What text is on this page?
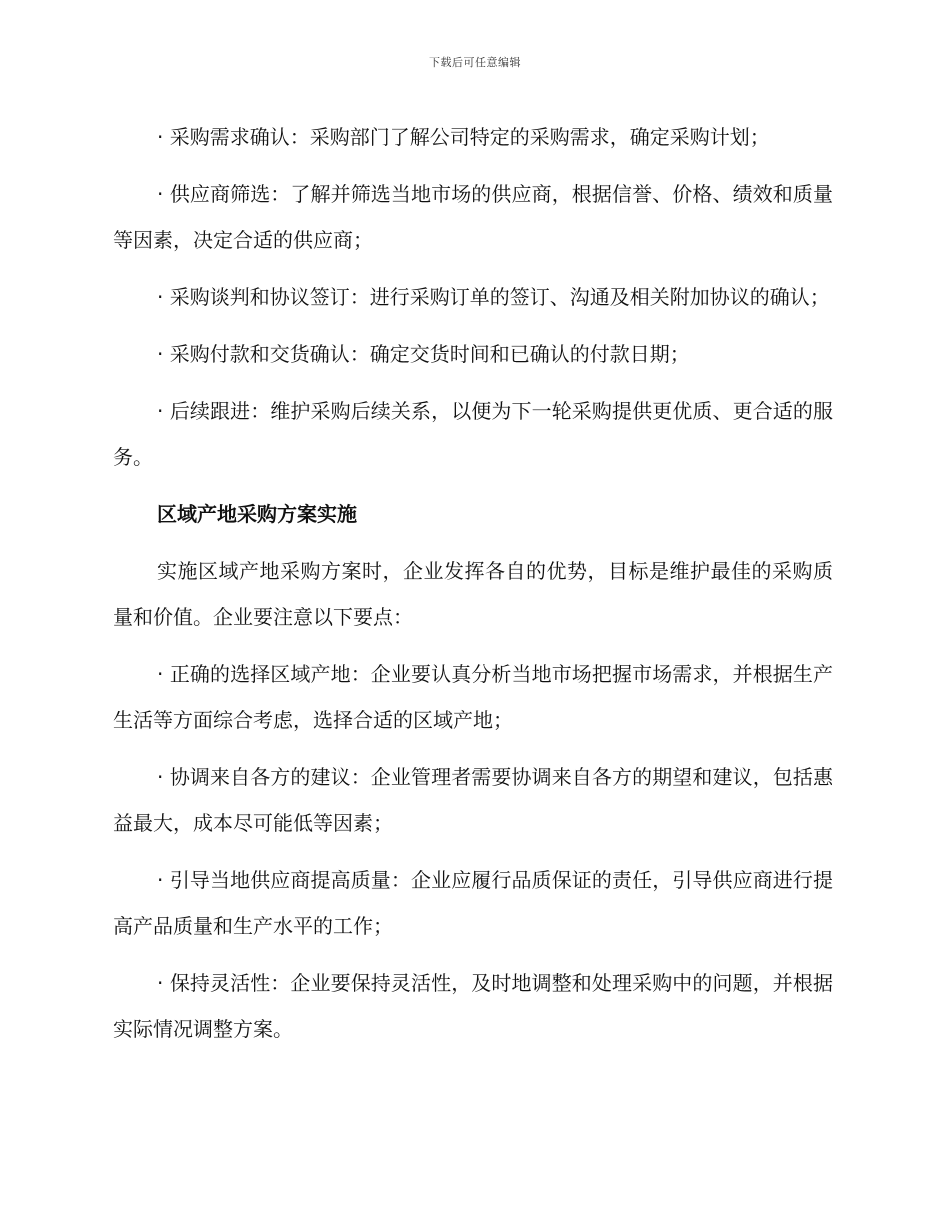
下载后可任意编辑

· 采购需求确认：采购部门了解公司特定的采购需求，确定采购计划；

· 供应商筛选：了解并筛选当地市场的供应商，根据信誉、价格、绩效和质量等因素，决定合适的供应商；

· 采购谈判和协议签订：进行采购订单的签订、沟通及相关附加协议的确认；

· 采购付款和交货确认：确定交货时间和已确认的付款日期；

· 后续跟进：维护采购后续关系，以便为下一轮采购提供更优质、更合适的服务。

区域产地采购方案实施

实施区域产地采购方案时，企业发挥各自的优势，目标是维护最佳的采购质量和价值。企业要注意以下要点：

· 正确的选择区域产地：企业要认真分析当地市场把握市场需求，并根据生产生活等方面综合考虑，选择合适的区域产地；

· 协调来自各方的建议：企业管理者需要协调来自各方的期望和建议，包括惠益最大，成本尽可能低等因素；

· 引导当地供应商提高质量：企业应履行品质保证的责任，引导供应商进行提高产品质量和生产水平的工作；

· 保持灵活性：企业要保持灵活性，及时地调整和处理采购中的问题，并根据实际情况调整方案。
